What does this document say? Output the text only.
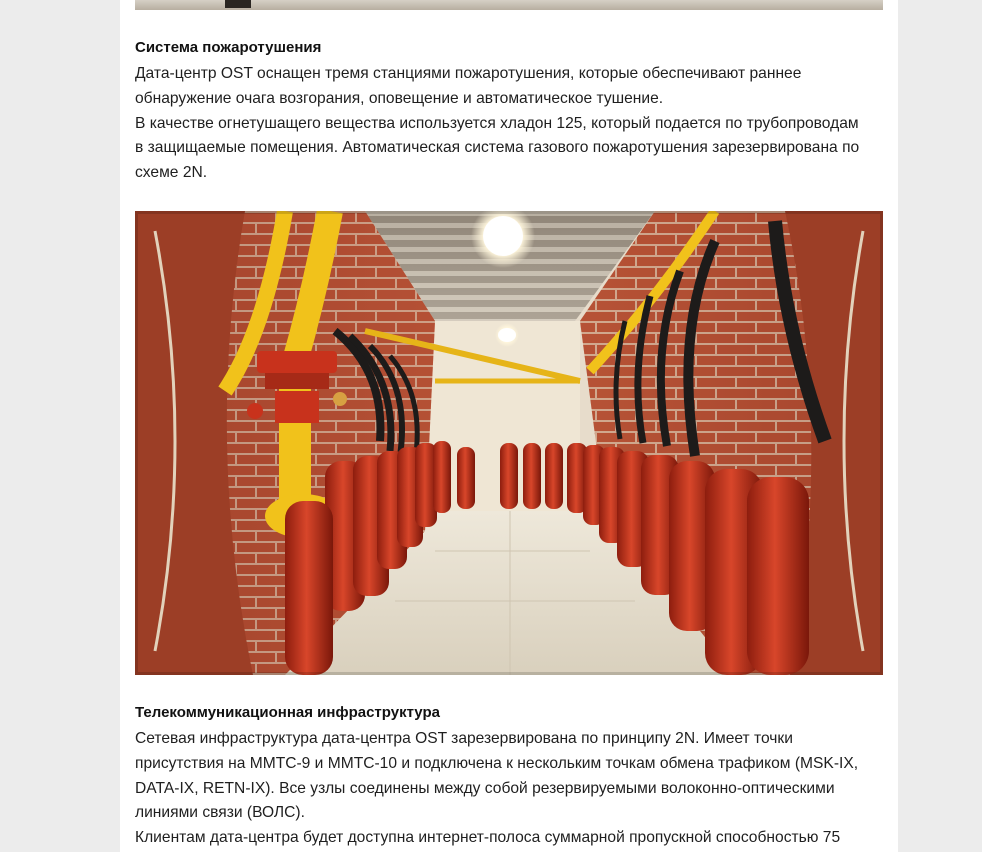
Система пожаротушения

Дата-центр OST оснащен тремя станциями пожаротушения, которые обеспечивают раннее
обнаружение очага возгорания, оповещение и автоматическое тушение.
В качестве огнетушащего вещества используется хладон 125, который подается по трубопроводам
в защищаемые помещения. Автоматическая система газового пожаротушения зарезервирована по
схеме 2N.

Телекоммуникационная инфраструктура

Сетевая инфраструктура дата-центра OST зарезервирована по принципу 2N. Имеет точки
присутствия на ММТС-9 и ММТС-10 и подключена к нескольким точкам обмена трафиком (MSK-IX,
DATA-IX, RETN-IX). Все узлы соединены между собой резервируемыми волоконно-оптическими
линиями связи (ВОЛС).
Клиентам дата-центра будет доступна интернет-полоса суммарной пропускной способностью 75
